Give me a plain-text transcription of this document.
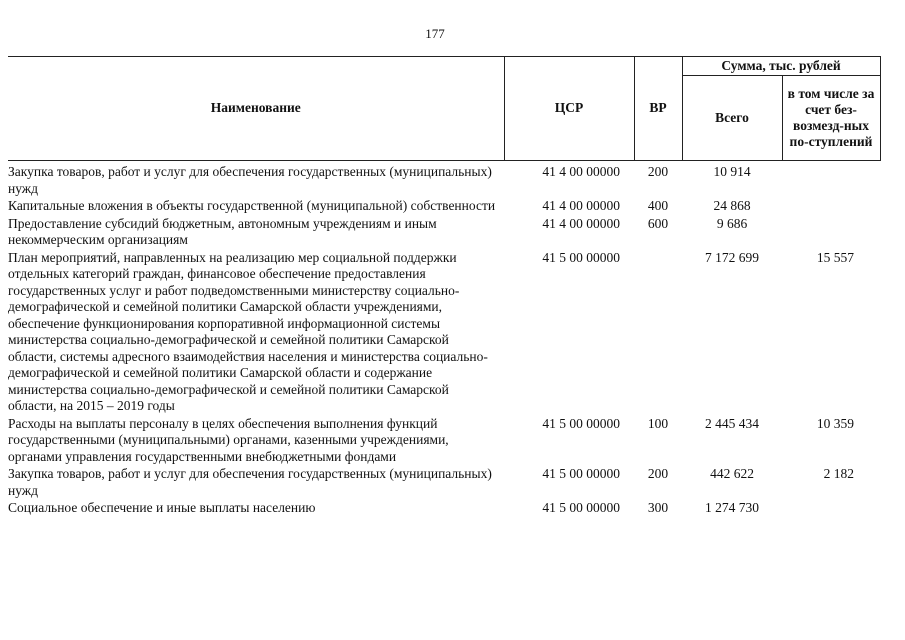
177
Наименование	ЦСР	ВР	Сумма, тыс. рублей	
			Всего	в том числе за счет без-возмезд-ных по-ступлений
Закупка товаров, работ и услуг для обеспечения государственных (муниципальных) нужд	41 4 00 00000	200	10 914	
Капитальные вложения в объекты государственной (муниципальной) собственности	41 4 00 00000	400	24 868	
Предоставление субсидий бюджетным, автономным учреждениям и иным некоммерческим организациям	41 4 00 00000	600	9 686	
План мероприятий, направленных на реализацию мер социальной поддержки отдельных категорий граждан, финансовое обеспечение предоставления государственных услуг и работ подведомственными министерству социально-демографической и семейной политики Самарской области учреждениями, обеспечение функционирования корпоративной информационной системы министерства социально-демографической и семейной политики Самарской области, системы адресного взаимодействия населения и министерства социально-демографической и семейной политики Самарской области и содержание министерства социально-демографической и семейной политики Самарской области, на 2015 – 2019 годы	41 5 00 00000		7 172 699	15 557
Расходы на выплаты персоналу в целях обеспечения выполнения функций государственными (муниципальными) органами, казенными учреждениями, органами управления государственными внебюджетными фондами	41 5 00 00000	100	2 445 434	10 359
Закупка товаров, работ и услуг для обеспечения государственных (муниципальных) нужд	41 5 00 00000	200	442 622	2 182
Социальное обеспечение и иные выплаты населению	41 5 00 00000	300	1 274 730	
